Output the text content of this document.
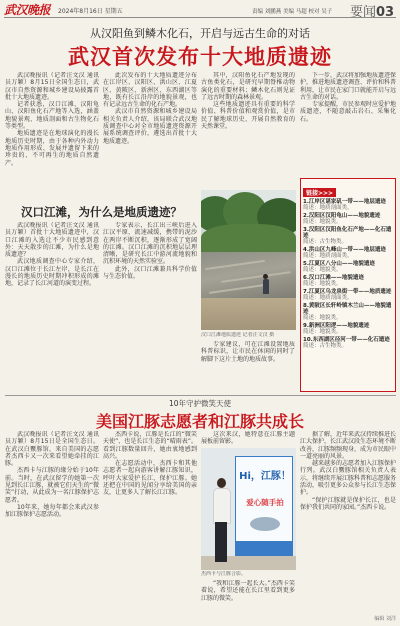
武汉晚报 2024年8月16日 星期五	责编 刘鹏燕 美编 马超 校对 吴子 要闻03
从汉阳鱼到鳞木化石，开启与远古生命的对话
武汉首次发布十大地质遗迹

武汉晚报讯（记者汪文汉 通讯员万颖）8月15日全国生态日，武汉市自然资源和城乡建设局披露首批十大地质遗迹。

记者获悉，汉口江滩、汉阳龟山、汉阳鱼化石产地等入选，涵盖地貌景观、地质剖面和古生物化石等类型。

地质遗迹是在地球演化的漫长地质历史时期，由于各种内外动力地质作用形成、发展并遗留下来的珍贵的、不可再生的地质自然遗产。

此次发布的十大地质遗迹分布在江岸区、汉阳区、洪山区、江夏区、黄陂区、新洲区、东西湖区等地，既有长江沿岸的地貌景观，也有记录远古生命的化石产地。

武汉市自然资源和城乡建设局相关负责人介绍，该局联合武汉地质调查中心对全市地质遗迹资源开展系统调查评价，遴选出首批十大地质遗迹。

其中，汉阳鱼化石产地发现的古鱼类化石，是研究早期脊椎动物演化的重要材料；鳞木化石则见证了远古时期的森林景观。

这些地质遗迹具有重要的科学价值、科普价值和观赏价值，是市民了解地球历史、开展自然教育的天然课堂。

下一步，武汉将加强地质遗迹保护，推进地质遗迹调查、评价和科普利用，让市民在家门口就能开启与远古生命的对话。

专家提醒，市民参观时应爱护地质遗迹，不随意敲击岩石、采集化石。

链接>>>
1.江岸区谌家矶一带——地层遗迹
简述：地质剖面类。
2.汉阳区汉阳龟山——地貌遗迹
简述：地貌类。
3.汉阳区汉阳鱼化石产地——化石遗迹
简述：古生物类。
4.洪山区九峰山一带——地层遗迹
简述：地质剖面类。
5.江夏区八分山——地貌遗迹
简述：地貌类。
6.汉口江滩——地貌遗迹
简述：地貌类。
7.江夏区乌龙泉街一带——地质遗迹
简述：地质剖面类。
8.黄陂区长轩岭镇木兰山——地貌遗迹
简述：地貌类。
9.新洲区阳逻——地貌遗迹
简述：地貌类。
10.东西湖区径河一带——化石遗迹
简述：古生物类。
汉口江滩，为什么是地质遗迹？

武汉晚报讯（记者汪文汉 通讯员万颖）首批十大地质遗迹中，汉口江滩的入选让不少市民感到意外：天天散步的江滩，为什么是地质遗迹？

武汉地质调查中心专家介绍，汉口江滩位于长江左岸，是长江在漫长的地质历史时期冲积形成的滩地，记录了长江河道的演变过程。

专家表示，长江出三峡后进入江汉平原，流速减缓，携带的泥沙在两岸不断沉积，逐渐形成了宽阔的江滩。汉口江滩的沉积地层层理清晰，是研究长江中游河流地貌和沉积环境的天然实验室。

此外，汉口江滩兼具科学价值与生态价值。

汉口江滩地质遗迹 记者汪文汉 摄

专家建议，可在江滩设置地质科普标识，让市民在休闲的同时了解脚下这片土地的地质故事。

10年守护微笑天使
美国江豚志愿者和江豚共成长

武汉晚报讯（记者汪文汉 通讯员万颖）8月15日是全国生态日。在武汉白鱀豚馆，来自美国的志愿者杰西卡又一次来看望她牵挂的江豚。

杰西卡与江豚的缘分始于10年前。当时，在武汉留学的她第一次见到长江江豚，就被它们天生的“微笑”打动，从此成为一名江豚保护志愿者。

10年来，她每年都会来武汉参加江豚保护志愿活动。

杰西卡说，江豚是长江的“微笑天使”，也是长江生态的“晴雨表”。看到江豚数量回升，她由衷地感到高兴。

在志愿活动中，杰西卡和其他志愿者一起向游客讲解江豚知识，呼吁大家爱护长江、保护江豚。她还把在中国的见闻分享给美国的亲友，让更多人了解长江江豚。

这次来汉，她特意在江豚主题展板前留影。

Hi，江豚！
爱心随手拍
杰西卡与江豚合影。

“我和江豚一起长大。”杰西卡笑着说，希望还能在长江里看到更多江豚的微笑。

据了解，近年来武汉持续推进长江大保护，长江武汉段生态环境不断改善，江豚频频现身，成为市民眼中一道亮丽的风景。

越来越多的志愿者加入江豚保护行列。武汉白鱀豚馆相关负责人表示，将继续开展江豚科普和志愿服务活动，吸引更多公众参与长江生态保护。

“保护江豚就是保护长江，也是保护我们共同的家园。”杰西卡说。

编辑 刘洋
